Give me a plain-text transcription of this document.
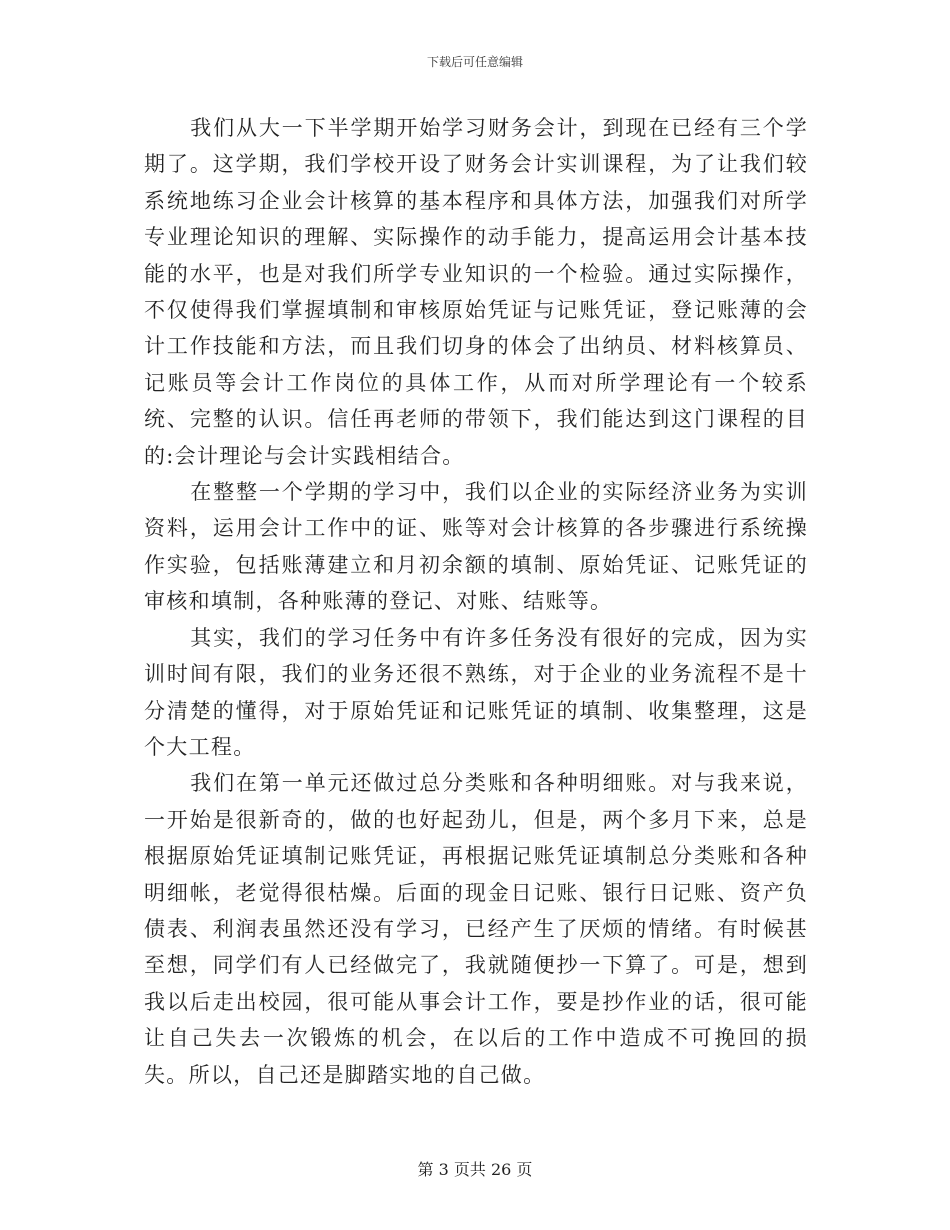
下载后可任意编辑

我们从大一下半学期开始学习财务会计，到现在已经有三个学期了。这学期，我们学校开设了财务会计实训课程，为了让我们较系统地练习企业会计核算的基本程序和具体方法，加强我们对所学专业理论知识的理解、实际操作的动手能力，提高运用会计基本技能的水平，也是对我们所学专业知识的一个检验。通过实际操作，不仅使得我们掌握填制和审核原始凭证与记账凭证，登记账薄的会计工作技能和方法，而且我们切身的体会了出纳员、材料核算员、记账员等会计工作岗位的具体工作，从而对所学理论有一个较系统、完整的认识。信任再老师的带领下，我们能达到这门课程的目的:会计理论与会计实践相结合。

在整整一个学期的学习中，我们以企业的实际经济业务为实训资料，运用会计工作中的证、账等对会计核算的各步骤进行系统操作实验，包括账薄建立和月初余额的填制、原始凭证、记账凭证的审核和填制，各种账薄的登记、对账、结账等。

其实，我们的学习任务中有许多任务没有很好的完成，因为实训时间有限，我们的业务还很不熟练，对于企业的业务流程不是十分清楚的懂得，对于原始凭证和记账凭证的填制、收集整理，这是个大工程。

我们在第一单元还做过总分类账和各种明细账。对与我来说，一开始是很新奇的，做的也好起劲儿，但是，两个多月下来，总是根据原始凭证填制记账凭证，再根据记账凭证填制总分类账和各种明细帐，老觉得很枯燥。后面的现金日记账、银行日记账、资产负债表、利润表虽然还没有学习，已经产生了厌烦的情绪。有时候甚至想，同学们有人已经做完了，我就随便抄一下算了。可是，想到我以后走出校园，很可能从事会计工作，要是抄作业的话，很可能让自己失去一次锻炼的机会，在以后的工作中造成不可挽回的损失。所以，自己还是脚踏实地的自己做。

第 3 页共 26 页
